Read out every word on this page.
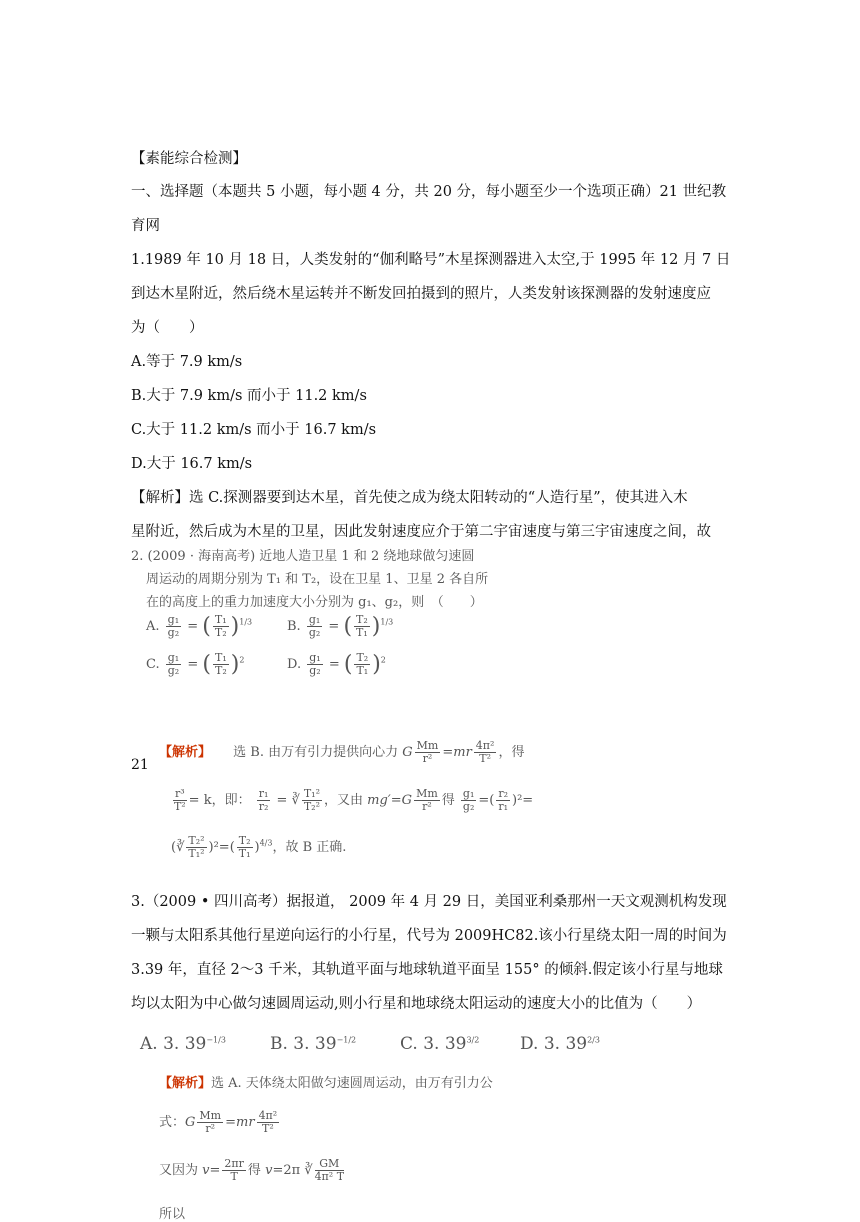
【素能综合检测】
一、选择题（本题共 5 小题，每小题 4 分，共 20 分，每小题至少一个选项正确）21 世纪教
育网
1.1989 年 10 月 18 日，人类发射的“伽利略号”木星探测器进入太空,于 1995 年 12 月 7 日
到达木星附近，然后绕木星运转并不断发回拍摄到的照片，人类发射该探测器的发射速度应
为（　　）
A.等于 7.9 km/s
B.大于 7.9 km/s 而小于 11.2 km/s
C.大于 11.2 km/s 而小于 16.7 km/s
D.大于 16.7 km/s
【解析】选 C.探测器要到达木星，首先使之成为绕太阳转动的“人造行星”，使其进入木
星附近，然后成为木星的卫星，因此发射速度应介于第二宇宙速度与第三宇宙速度之间，故
2. (2009 · 海南高考) 近地人造卫星 1 和 2 绕地球做匀速圆
周运动的周期分别为 T₁ 和 T₂，设在卫星 1、卫星 2 各自所
在的高度上的重力加速度大小分别为 g₁、g₂，则　（　　）
A. $\frac{\text{g₁}}{\text{g₂}}$ = ( $\frac{\text{T₁}}{\text{T₂}} )^{1/3}$	B. $\frac{\text{g₁}}{\text{g₂}}$ = ( $\frac{\text{T₂}}{\text{T₁}} )^{1/3}$
C. $\frac{\text{g₁}}{\text{g₂}}$ = ( $\frac{\text{T₁}}{\text{T₂}} )^2$	D. $\frac{\text{g₁}}{\text{g₂}}$ = ( $\frac{\text{T₂}}{\text{T₁}} )^2$
21
【解析】 选 B. 由万有引力提供向心力 G $\frac{Mm}{\text{r²}} =mr \frac{\text{4π²}}{\text{T²}}$ ，得
$\frac{\text{r³}}{\text{T²}} = k$，即： $\frac{\text{r₁}}{\text{r₂}}$ = ∛ $\frac{\text{T₁²}}{\text{T₂²}}$ ，又由 $mg'=G \frac{Mm}{\text{r²}}$ 得 $\frac{\text{g₁}}{\text{g₂}}$ =( $\frac{\text{r₂}}{\text{r₁}} )^2=$
(∛ $\frac{\text{T₂²}}{\text{T₁²}} )^2=( \frac{\text{T₂}}{\text{T₁}} )^{4/3}$，故 B 正确.
3.（2009 • 四川高考）据报道， 2009 年 4 月 29 日，美国亚利桑那州一天文观测机构发现
一颗与太阳系其他行星逆向运行的小行星，代号为 2009HC82.该小行星绕太阳一周的时间为
3.39 年，直径 2～3 千米，其轨道平面与地球轨道平面呈 155° 的倾斜.假定该小行星与地球
均以太阳为中心做匀速圆周运动,则小行星和地球绕太阳运动的速度大小的比值为（　　）
A. 3. $39^{-1/3}$	B. 3. $39^{-1/2}$	C. 3. $39^{3/2}$ D. 3. $39^{2/3}$
【解析】选 A. 天体绕太阳做匀速圆周运动，由万有引力公
式：G $\frac{Mm}{\text{r²}} =mr \frac{\text{4π²}}{\text{T²}}$
又因为 $v= \frac{2\pi r}{T}$ 得 v=2π ∛ $\frac{GM}{\text{4π² T}}$
所以
